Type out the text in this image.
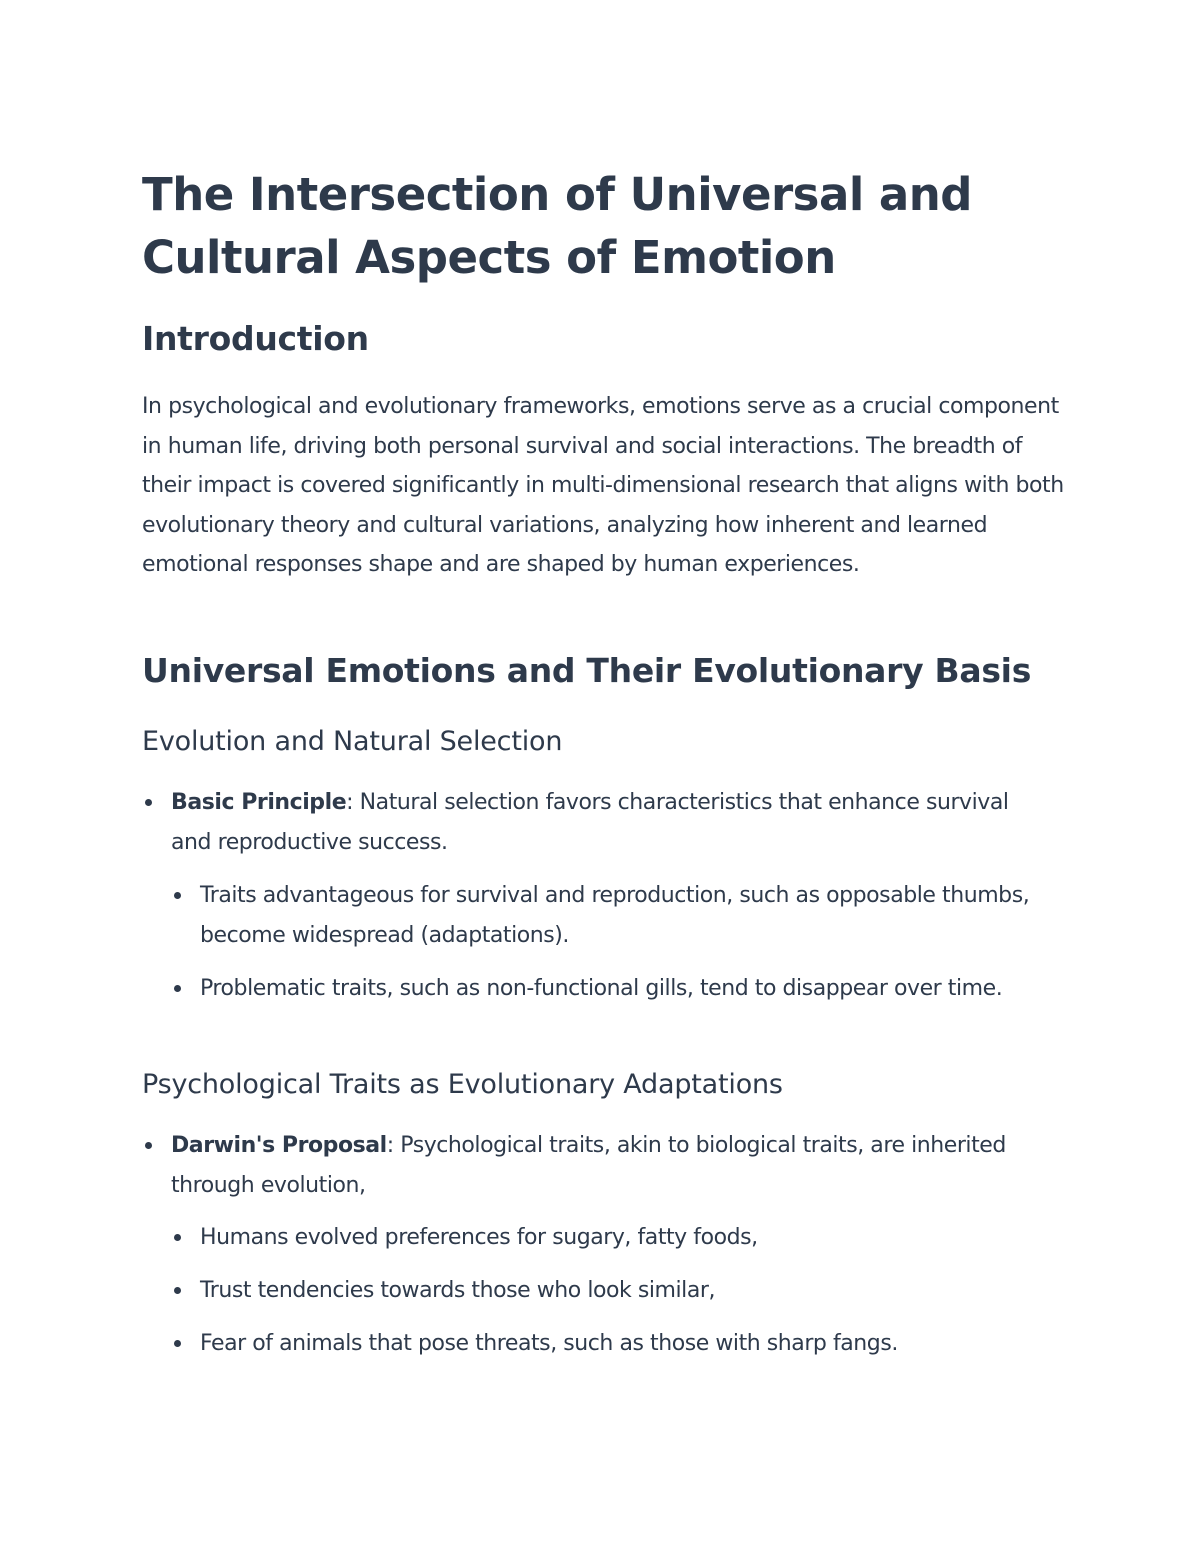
The Intersection of Universal and Cultural Aspects of Emotion
Introduction

In psychological and evolutionary frameworks, emotions serve as a crucial component in human life, driving both personal survival and social interactions. The breadth of their impact is covered significantly in multi-dimensional research that aligns with both evolutionary theory and cultural variations, analyzing how inherent and learned emotional responses shape and are shaped by human experiences.

Universal Emotions and Their Evolutionary Basis
Evolution and Natural Selection
Basic Principle: Natural selection favors characteristics that enhance survival and reproductive success.
Traits advantageous for survival and reproduction, such as opposable thumbs, become widespread (adaptations).
Problematic traits, such as non-functional gills, tend to disappear over time.
Psychological Traits as Evolutionary Adaptations
Darwin's Proposal: Psychological traits, akin to biological traits, are inherited through evolution,
Humans evolved preferences for sugary, fatty foods,
Trust tendencies towards those who look similar,
Fear of animals that pose threats, such as those with sharp fangs.
